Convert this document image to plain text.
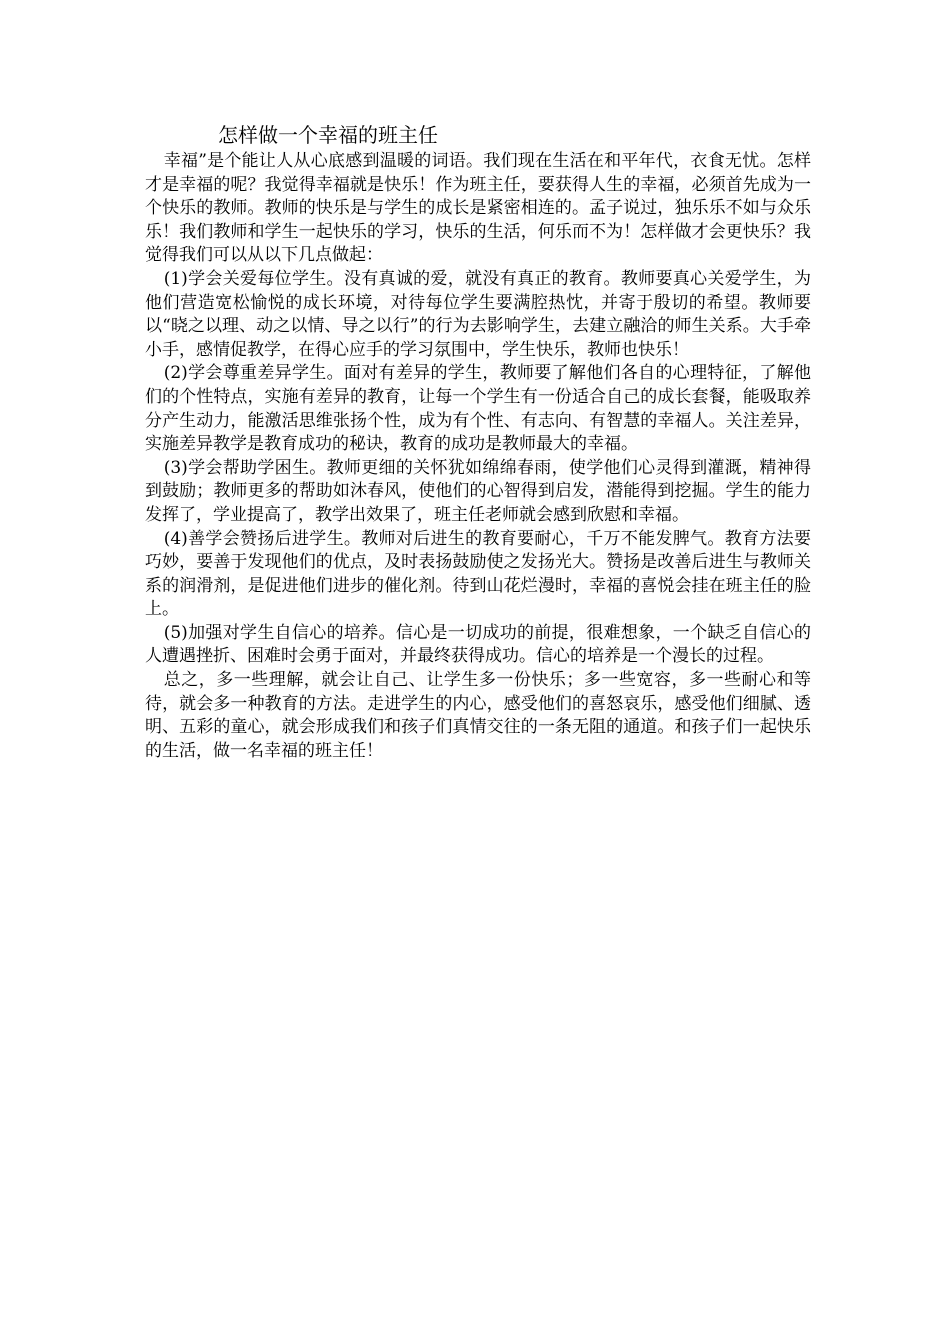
怎样做一个幸福的班主任

幸福”是个能让人从心底感到温暖的词语。我们现在生活在和平年代，衣食无忧。怎样才是幸福的呢？我觉得幸福就是快乐！作为班主任，要获得人生的幸福，必须首先成为一个快乐的教师。教师的快乐是与学生的成长是紧密相连的。孟子说过，独乐乐不如与众乐乐！我们教师和学生一起快乐的学习，快乐的生活，何乐而不为！怎样做才会更快乐？我觉得我们可以从以下几点做起：

(1)学会关爱每位学生。没有真诚的爱，就没有真正的教育。教师要真心关爱学生，为他们营造宽松愉悦的成长环境，对待每位学生要满腔热忱，并寄于殷切的希望。教师要以“晓之以理、动之以情、导之以行”的行为去影响学生，去建立融洽的师生关系。大手牵小手，感情促教学，在得心应手的学习氛围中，学生快乐，教师也快乐！

(2)学会尊重差异学生。面对有差异的学生，教师要了解他们各自的心理特征，了解他们的个性特点，实施有差异的教育，让每一个学生有一份适合自己的成长套餐，能吸取养分产生动力，能激活思维张扬个性，成为有个性、有志向、有智慧的幸福人。关注差异，实施差异教学是教育成功的秘诀，教育的成功是教师最大的幸福。

(3)学会帮助学困生。教师更细的关怀犹如绵绵春雨，使学他们心灵得到灌溉，精神得到鼓励；教师更多的帮助如沐春风，使他们的心智得到启发，潜能得到挖掘。学生的能力发挥了，学业提高了，教学出效果了，班主任老师就会感到欣慰和幸福。

(4)善学会赞扬后进学生。教师对后进生的教育要耐心，千万不能发脾气。教育方法要巧妙，要善于发现他们的优点，及时表扬鼓励使之发扬光大。赞扬是改善后进生与教师关系的润滑剂，是促进他们进步的催化剂。待到山花烂漫时，幸福的喜悦会挂在班主任的脸上。

(5)加强对学生自信心的培养。信心是一切成功的前提，很难想象，一个缺乏自信心的人遭遇挫折、困难时会勇于面对，并最终获得成功。信心的培养是一个漫长的过程。

总之，多一些理解，就会让自己、让学生多一份快乐；多一些宽容，多一些耐心和等待，就会多一种教育的方法。走进学生的内心，感受他们的喜怒哀乐，感受他们细腻、透明、五彩的童心，就会形成我们和孩子们真情交往的一条无阻的通道。和孩子们一起快乐的生活，做一名幸福的班主任！
